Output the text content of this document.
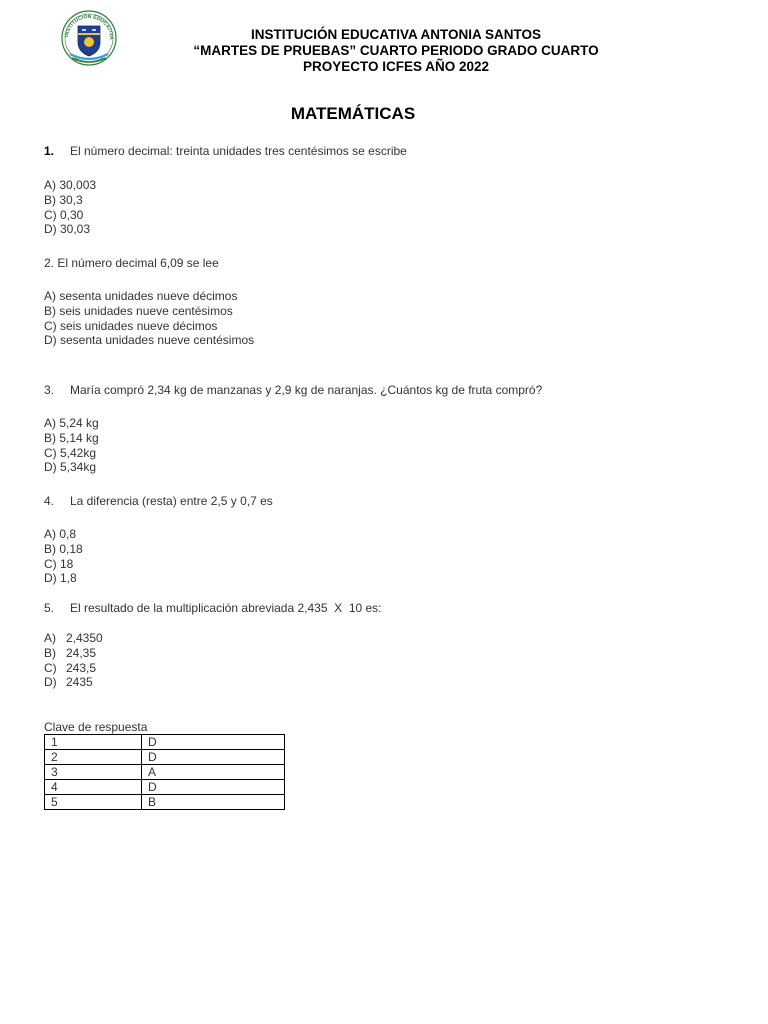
INSTITUCIÓN EDUCATIVA	INSTITUCIÓN EDUCATIVA ANTONIA SANTOS
“MARTES DE PRUEBAS” CUARTO PERIODO GRADO CUARTO
PROYECTO ICFES AÑO 2022
MATEMÁTICAS
1. El número decimal: treinta unidades tres centésimos se escribe
A) 30,003
B) 30,3
C) 0,30
D) 30,03
2. El número decimal 6,09 se lee
A) sesenta unidades nueve décimos
B) seis unidades nueve centésimos
C) seis unidades nueve décimos
D) sesenta unidades nueve centésimos
3. María compró 2,34 kg de manzanas y 2,9 kg de naranjas. ¿Cuántos kg de fruta compró?
A) 5,24 kg
B) 5,14 kg
C) 5,42kg
D) 5,34kg
4. La diferencia (resta) entre 2,5 y 0,7 es
A) 0,8
B) 0,18
C) 18
D) 1,8
5. El resultado de la multiplicación abreviada 2,435  X  10 es:
A) 2,4350
B) 24,35
C) 243,5
D) 2435
Clave de respuesta
1	D
2	D
3	A
4	D
5	B
